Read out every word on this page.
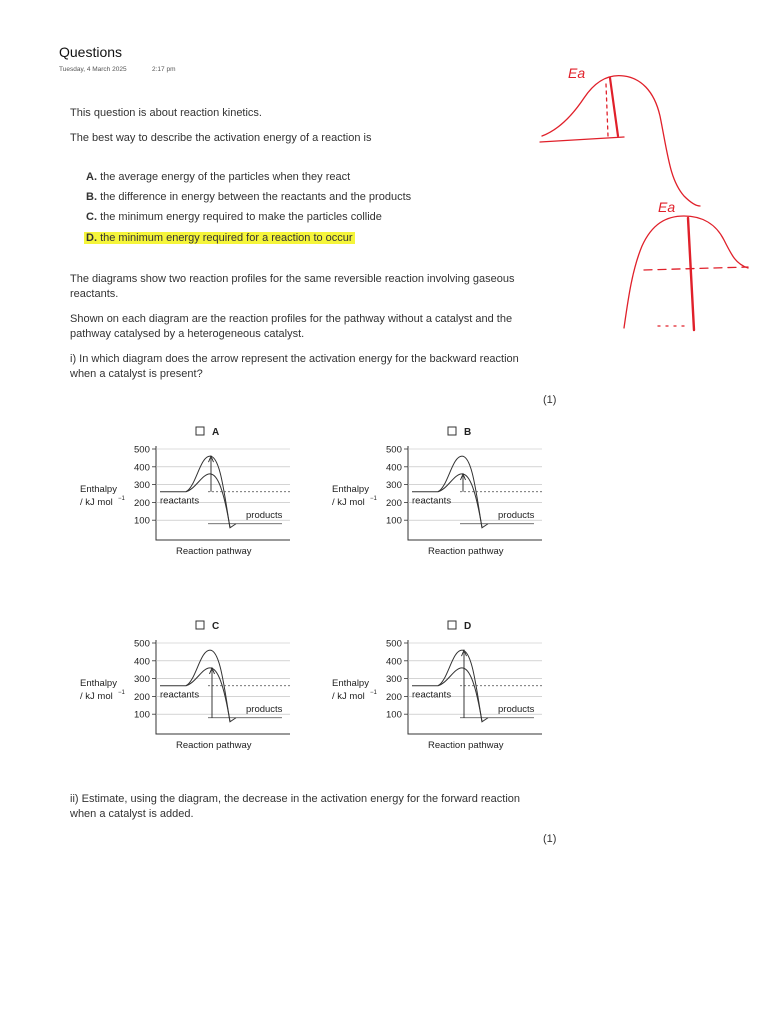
Questions
Tuesday, 4 March 2025	2:17 pm
This question is about reaction kinetics.
The best way to describe the activation energy of a reaction is
A. the average energy of the particles when they react
B. the difference in energy between the reactants and the products
C. the minimum energy required to make the particles collide
D. the minimum energy required for a reaction to occur
The diagrams show two reaction profiles for the same reversible reaction involving gaseous
reactants.
Shown on each diagram are the reaction profiles for the pathway without a catalyst and the
pathway catalysed by a heterogeneous catalyst.
i) In which diagram does the arrow represent the activation energy for the backward reaction
when a catalyst is present?
(1)
ii) Estimate, using the diagram, the decrease in the activation energy for the forward reaction
when a catalyst is added.
(1)
A
500
400
300
200
100
Enthalpy
/ kJ mol −1
Reaction pathway
reactants
products
B
500
400
300
200
100
Enthalpy
/ kJ mol −1
Reaction pathway
reactants
products
C
500
400
300
200
100
Enthalpy
/ kJ mol −1
Reaction pathway
reactants
products
D
500
400
300
200
100
Enthalpy
/ kJ mol −1
Reaction pathway
reactants
products
Ea
Ea
